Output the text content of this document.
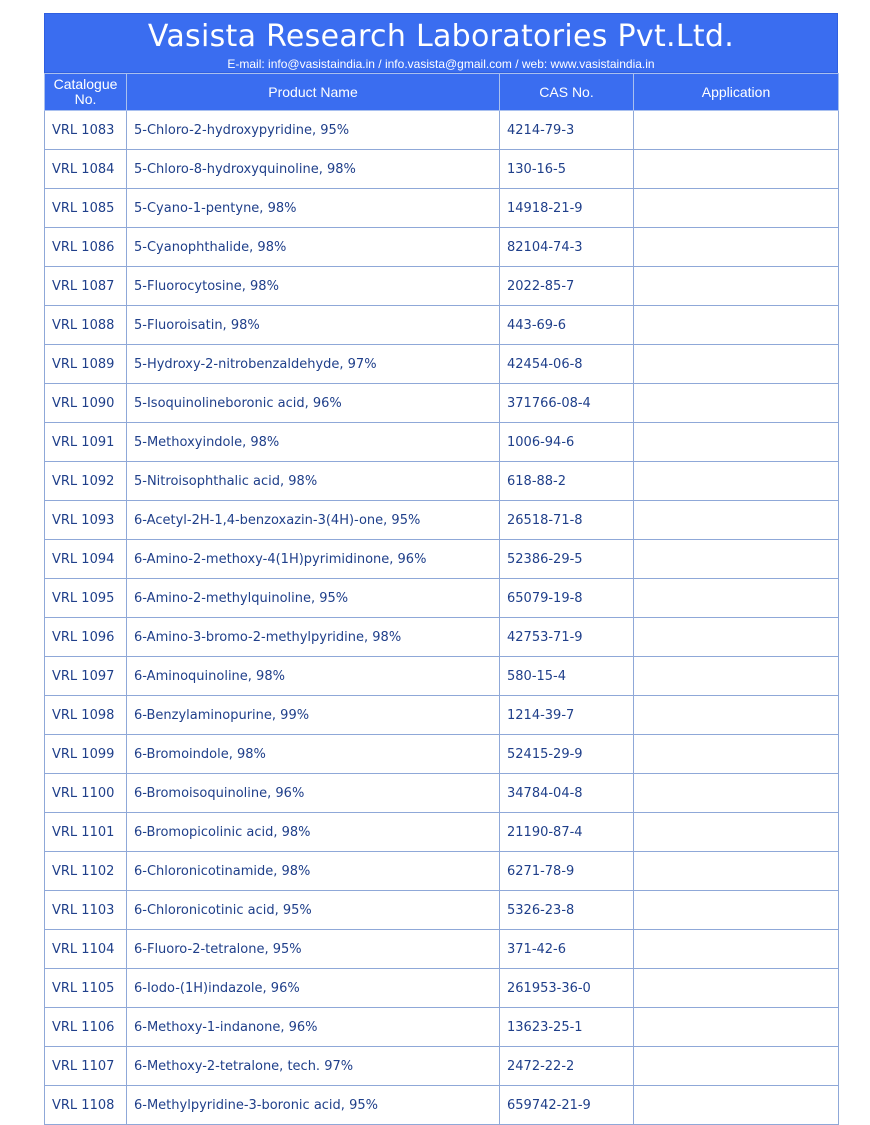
Vasista Research Laboratories Pvt.Ltd.
E-mail: info@vasistaindia.in / info.vasista@gmail.com / web: www.vasistaindia.in
Catalogue
No.	Product Name	CAS No.	Application
VRL 1083	5-Chloro-2-hydroxypyridine, 95%	4214-79-3	
VRL 1084	5-Chloro-8-hydroxyquinoline, 98%	130-16-5	
VRL 1085	5-Cyano-1-pentyne, 98%	14918-21-9	
VRL 1086	5-Cyanophthalide, 98%	82104-74-3	
VRL 1087	5-Fluorocytosine, 98%	2022-85-7	
VRL 1088	5-Fluoroisatin, 98%	443-69-6	
VRL 1089	5-Hydroxy-2-nitrobenzaldehyde, 97%	42454-06-8	
VRL 1090	5-Isoquinolineboronic acid, 96%	371766-08-4	
VRL 1091	5-Methoxyindole, 98%	1006-94-6	
VRL 1092	5-Nitroisophthalic acid, 98%	618-88-2	
VRL 1093	6-Acetyl-2H-1,4-benzoxazin-3(4H)-one, 95%	26518-71-8	
VRL 1094	6-Amino-2-methoxy-4(1H)pyrimidinone, 96%	52386-29-5	
VRL 1095	6-Amino-2-methylquinoline, 95%	65079-19-8	
VRL 1096	6-Amino-3-bromo-2-methylpyridine, 98%	42753-71-9	
VRL 1097	6-Aminoquinoline, 98%	580-15-4	
VRL 1098	6-Benzylaminopurine, 99%	1214-39-7	
VRL 1099	6-Bromoindole, 98%	52415-29-9	
VRL 1100	6-Bromoisoquinoline, 96%	34784-04-8	
VRL 1101	6-Bromopicolinic acid, 98%	21190-87-4	
VRL 1102	6-Chloronicotinamide, 98%	6271-78-9	
VRL 1103	6-Chloronicotinic acid, 95%	5326-23-8	
VRL 1104	6-Fluoro-2-tetralone, 95%	371-42-6	
VRL 1105	6-Iodo-(1H)indazole, 96%	261953-36-0	
VRL 1106	6-Methoxy-1-indanone, 96%	13623-25-1	
VRL 1107	6-Methoxy-2-tetralone, tech. 97%	2472-22-2	
VRL 1108	6-Methylpyridine-3-boronic acid, 95%	659742-21-9	
